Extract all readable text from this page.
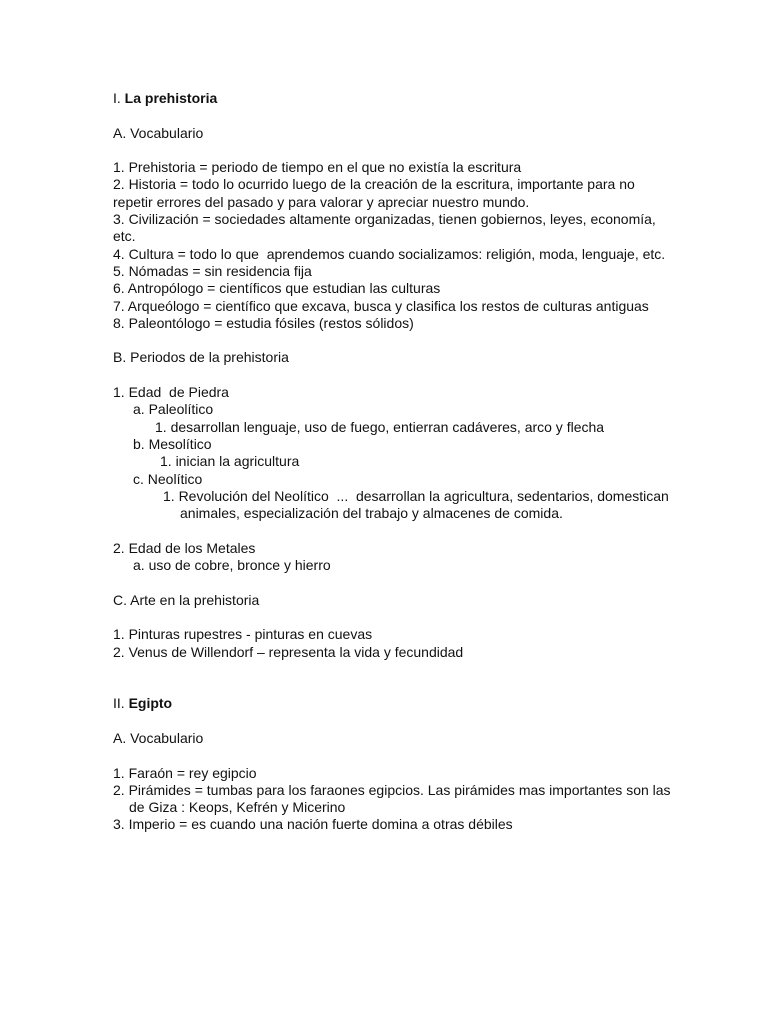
I. La prehistoria

A. Vocabulario

1. Prehistoria = periodo de tiempo en el que no existía la escritura

2. Historia = todo lo ocurrido luego de la creación de la escritura, importante para no repetir errores del pasado y para valorar y apreciar nuestro mundo.

3. Civilización = sociedades altamente organizadas, tienen gobiernos, leyes, economía, etc.

4. Cultura = todo lo que  aprendemos cuando socializamos: religión, moda, lenguaje, etc.

5. Nómadas = sin residencia fija

6. Antropólogo = científicos que estudian las culturas

7. Arqueólogo = científico que excava, busca y clasifica los restos de culturas antiguas

8. Paleontólogo = estudia fósiles (restos sólidos)

B. Periodos de la prehistoria

1. Edad  de Piedra

a. Paleolítico

1. desarrollan lenguaje, uso de fuego, entierran cadáveres, arco y flecha

b. Mesolítico

1. inician la agricultura

c. Neolítico

1. Revolución del Neolítico  ...  desarrollan la agricultura, sedentarios, domestican animales, especialización del trabajo y almacenes de comida.

2. Edad de los Metales

a. uso de cobre, bronce y hierro

C. Arte en la prehistoria

1. Pinturas rupestres - pinturas en cuevas

2. Venus de Willendorf – representa la vida y fecundidad

II. Egipto

A. Vocabulario

1. Faraón = rey egipcio

2. Pirámides = tumbas para los faraones egipcios. Las pirámides mas importantes son las de Giza : Keops, Kefrén y Micerino

3. Imperio = es cuando una nación fuerte domina a otras débiles
